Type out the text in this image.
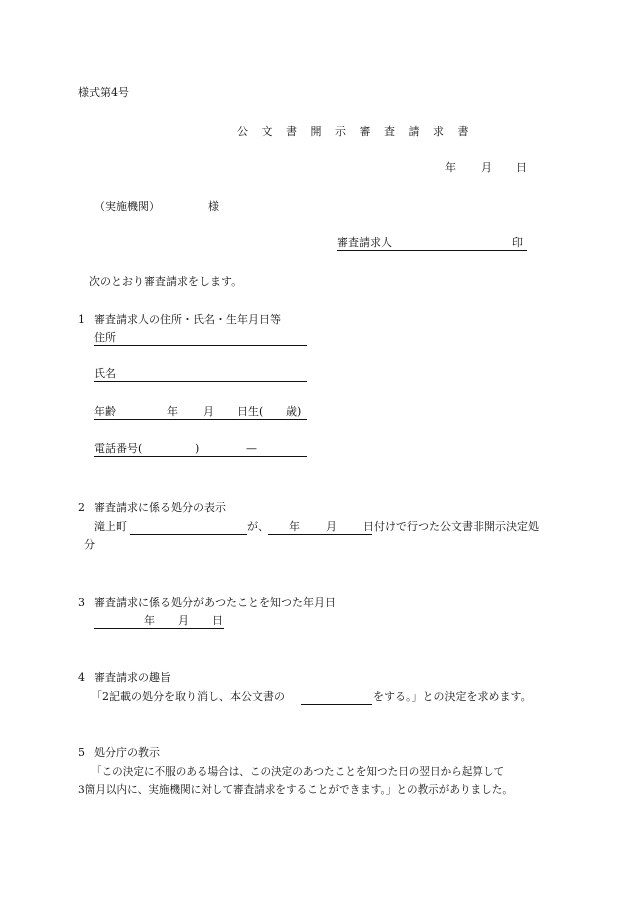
様式第4号
公 文 書 開 示 審 査 請 求 書
年 月 日
（実施機関）	様
審査請求人	印
次のとおり審査請求をします。
1 審査請求人の住所・氏名・生年月日等
住所
氏名
年齢	年 月 日生( 歳)
電話番号(	)	—
2 審査請求に係る処分の表示
滝上町	が、 年 月 日付けで行つた公文書非開示決定処
分
3 審査請求に係る処分があつたことを知つた年月日
年 月 日
4 審査請求の趣旨
「2記載の処分を取り消し、本公文書の	をする。」との決定を求めます。
5 処分庁の教示
「この決定に不服のある場合は、この決定のあつたことを知つた日の翌日から起算して
3箇月以内に、実施機関に対して審査請求をすることができます。」との教示がありました。
